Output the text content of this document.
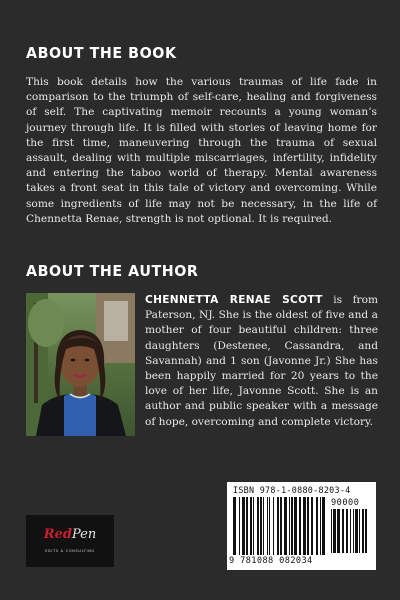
ABOUT THE BOOK

This book details how the various traumas of life fade in comparison to the triumph of self-care, healing and forgiveness of self. The captivating memoir recounts a young woman’s journey through life. It is filled with stories of leaving home for the first time, maneuvering through the trauma of sexual assault, dealing with multiple miscarriages, infertility, infidelity and entering the taboo world of therapy. Mental awareness takes a front seat in this tale of victory and overcoming. While some ingredients of life may not be necessary, in the life of Chennetta Renae, strength is not optional. It is required.

ABOUT THE AUTHOR

CHENNETTA RENAE SCOTT is from Paterson, NJ. She is the oldest of five and a mother of four beautiful children: three daughters (Destenee, Cassandra, and Savannah) and 1 son (Javonne Jr.) She has been happily married for 20 years to the love of her life, Javonne Scott. She is an author and public speaker with a message of hope, overcoming and complete victory.

RedPen
EDITS & CONSULTING
ISBN 978-1-0880-8203-4
9 781088 082034
90000
